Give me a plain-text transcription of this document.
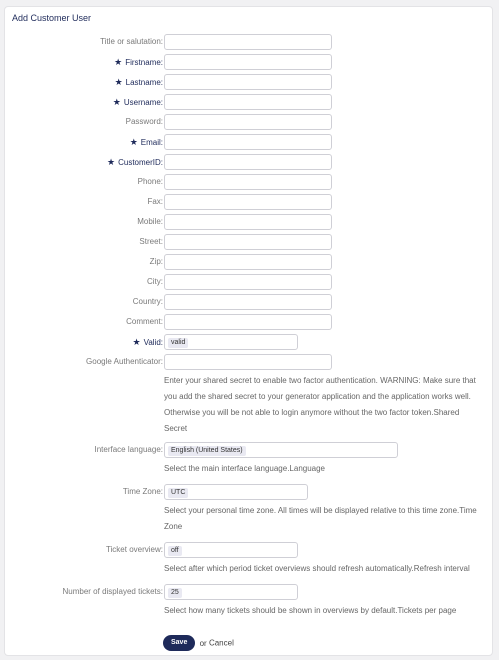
Add Customer User
Title or salutation:
★ Firstname:
★ Lastname:
★ Username:
Password:
★ Email:
★ CustomerID:
Phone:
Fax:
Mobile:
Street:
Zip:
City:
Country:
Comment:
★ Valid:	valid
Google Authenticator:
Enter your shared secret to enable two factor authentication. WARNING: Make sure that you add the shared secret to your generator application and the application works well. Otherwise you will be not able to login anymore without the two factor token.Shared Secret
Interface language:	English (United States)
Select the main interface language.Language
Time Zone:	UTC
Select your personal time zone. All times will be displayed relative to this time zone.Time Zone
Ticket overview:	off
Select after which period ticket overviews should refresh automatically.Refresh interval
Number of displayed tickets:	25
Select how many tickets should be shown in overviews by default.Tickets per page
Save or Cancel
